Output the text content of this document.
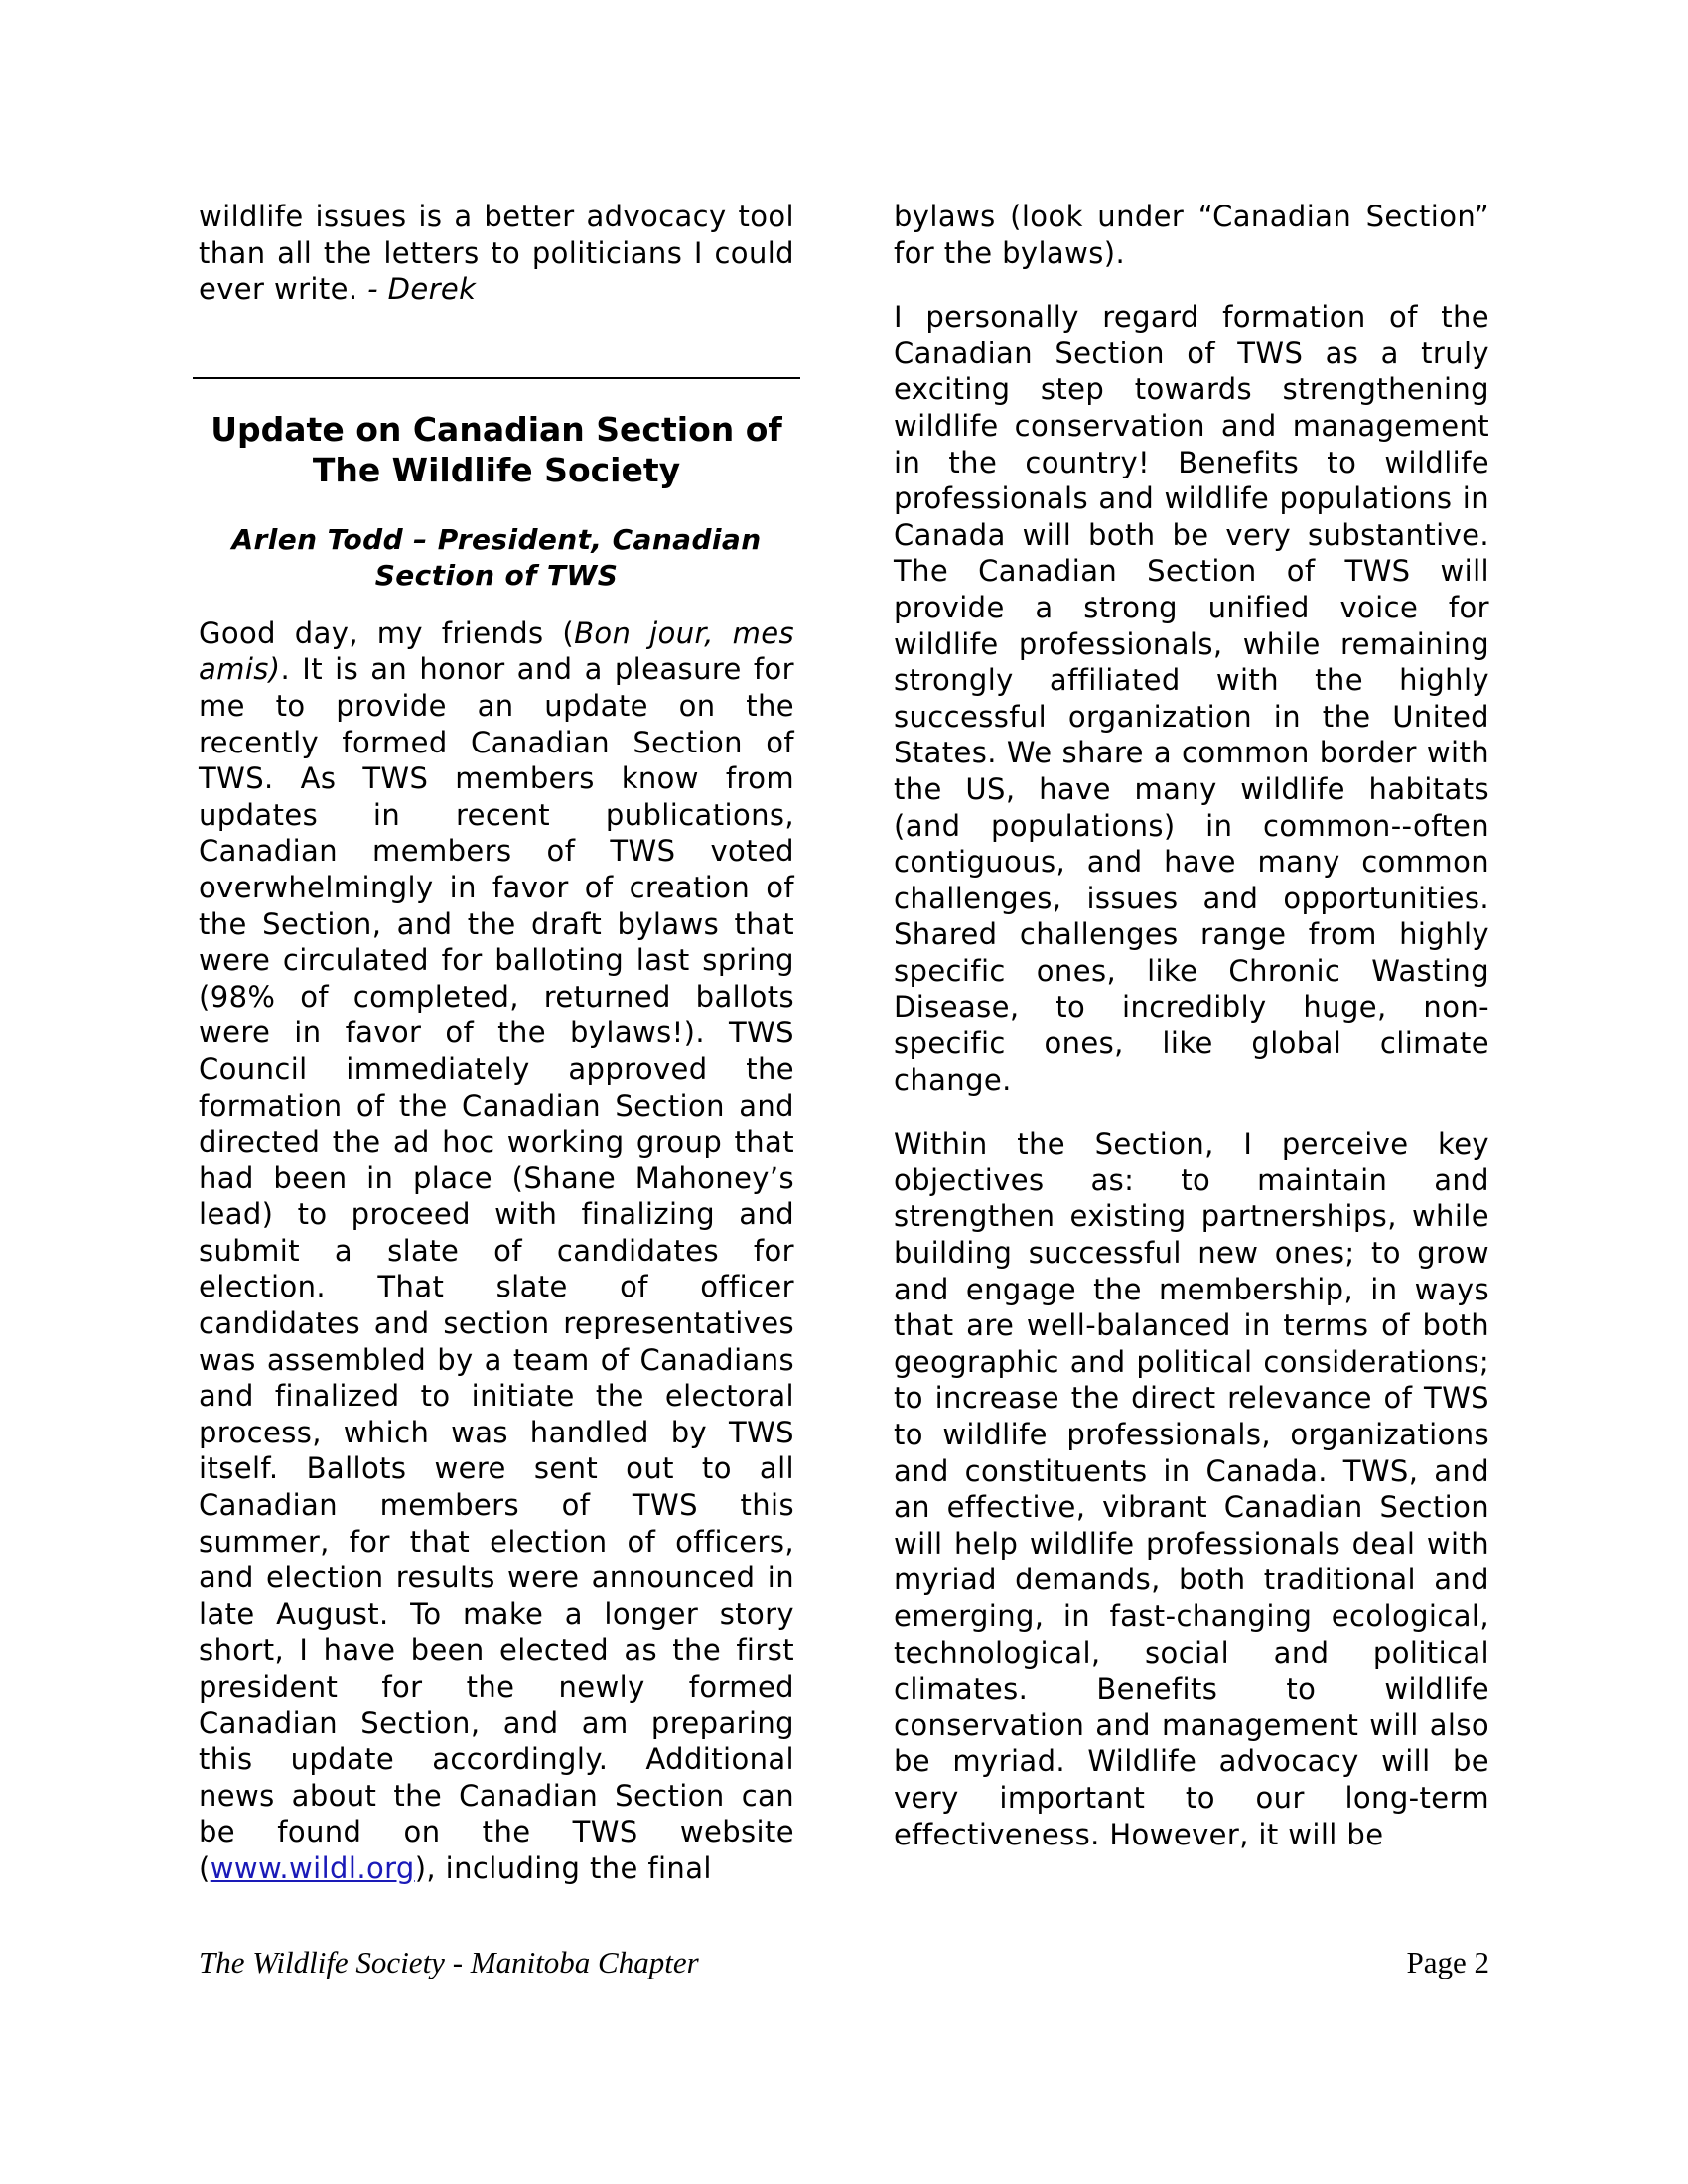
wildlife issues is a better advocacy tool than all the letters to politicians I could ever write. - Derek

Update on Canadian Section of The Wildlife Society
Arlen Todd – President, Canadian Section of TWS

Good day, my friends (Bon jour, mes amis). It is an honor and a pleasure for me to provide an update on the recently formed Canadian Section of TWS. As TWS members know from updates in recent publications, Canadian members of TWS voted overwhelmingly in favor of creation of the Section, and the draft bylaws that were circulated for balloting last spring (98% of completed, returned ballots were in favor of the bylaws!). TWS Council immediately approved the formation of the Canadian Section and directed the ad hoc working group that had been in place (Shane Mahoney’s lead) to proceed with finalizing and submit a slate of candidates for election. That slate of officer candidates and section representatives was assembled by a team of Canadians and finalized to initiate the electoral process, which was handled by TWS itself. Ballots were sent out to all Canadian members of TWS this summer, for that election of officers, and election results were announced in late August. To make a longer story short, I have been elected as the first president for the newly formed Canadian Section, and am preparing this update accordingly. Additional news about the Canadian Section can be found on the TWS website (www.wildl.org), including the final

bylaws (look under “Canadian Section” for the bylaws).

I personally regard formation of the Canadian Section of TWS as a truly exciting step towards strengthening wildlife conservation and management in the country! Benefits to wildlife professionals and wildlife populations in Canada will both be very substantive. The Canadian Section of TWS will provide a strong unified voice for wildlife professionals, while remaining strongly affiliated with the highly successful organization in the United States. We share a common border with the US, have many wildlife habitats (and populations) in common--often contiguous, and have many common challenges, issues and opportunities. Shared challenges range from highly specific ones, like Chronic Wasting Disease, to incredibly huge, non-specific ones, like global climate change.

Within the Section, I perceive key objectives as: to maintain and strengthen existing partnerships, while building successful new ones; to grow and engage the membership, in ways that are well-balanced in terms of both geographic and political considerations; to increase the direct relevance of TWS to wildlife professionals, organizations and constituents in Canada. TWS, and an effective, vibrant Canadian Section will help wildlife professionals deal with myriad demands, both traditional and emerging, in fast-changing ecological, technological, social and political climates. Benefits to wildlife conservation and management will also be myriad. Wildlife advocacy will be very important to our long-term effectiveness. However, it will be

The Wildlife Society - Manitoba Chapter	Page 2
